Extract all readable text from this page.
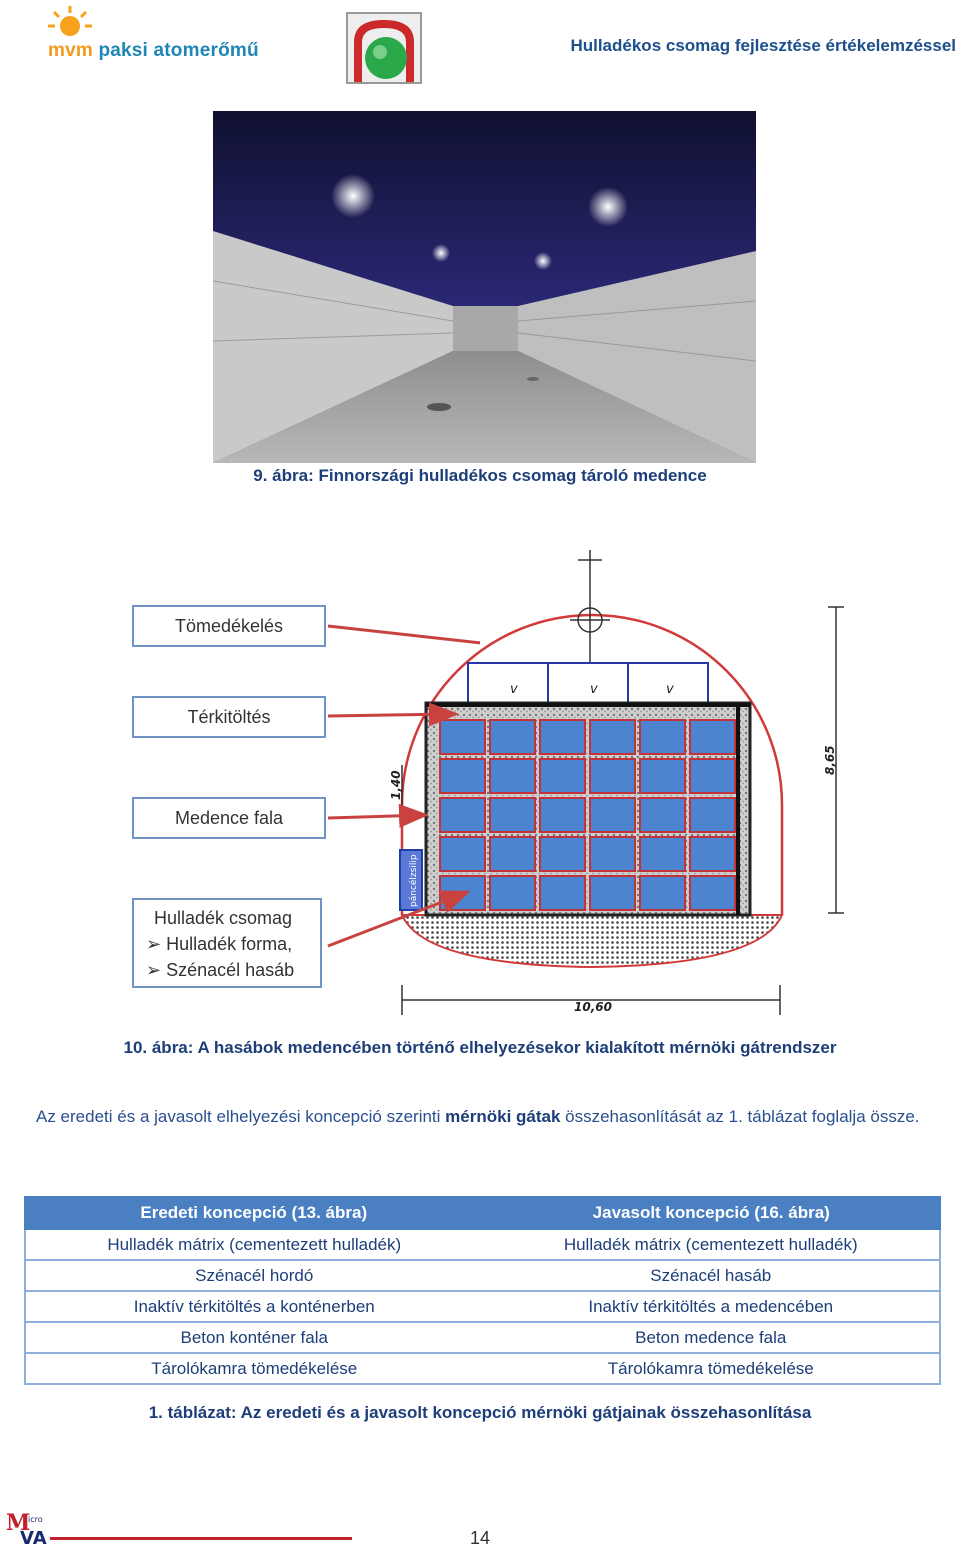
mvm paksi atomerőmű	Hulladékos csomag fejlesztése értékelemzéssel
9. ábra: Finnországi hulladékos csomag tároló medence
v	v	v
páncélzsilip
8,65
1,40
10,60
Tömedékelés
Térkitöltés
Medence fala
Hulladék csomag
➢ Hulladék forma,
➢ Szénacél hasáb
10. ábra: A hasábok medencében történő elhelyezésekor kialakított mérnöki gátrendszer
Az eredeti és a javasolt elhelyezési koncepció szerinti mérnöki gátak összehasonlítását az 1. táblázat foglalja össze.
Eredeti koncepció (13. ábra)	Javasolt koncepció (16. ábra)
Hulladék mátrix (cementezett hulladék)	Hulladék mátrix (cementezett hulladék)
Szénacél hordó	Szénacél hasáb
Inaktív térkitöltés a konténerben	Inaktív térkitöltés a medencében
Beton konténer fala	Beton medence fala
Tárolókamra tömedékelése	Tárolókamra tömedékelése
1. táblázat: Az eredeti és a javasolt koncepció mérnöki gátjainak összehasonlítása
M
VA
icro
14
